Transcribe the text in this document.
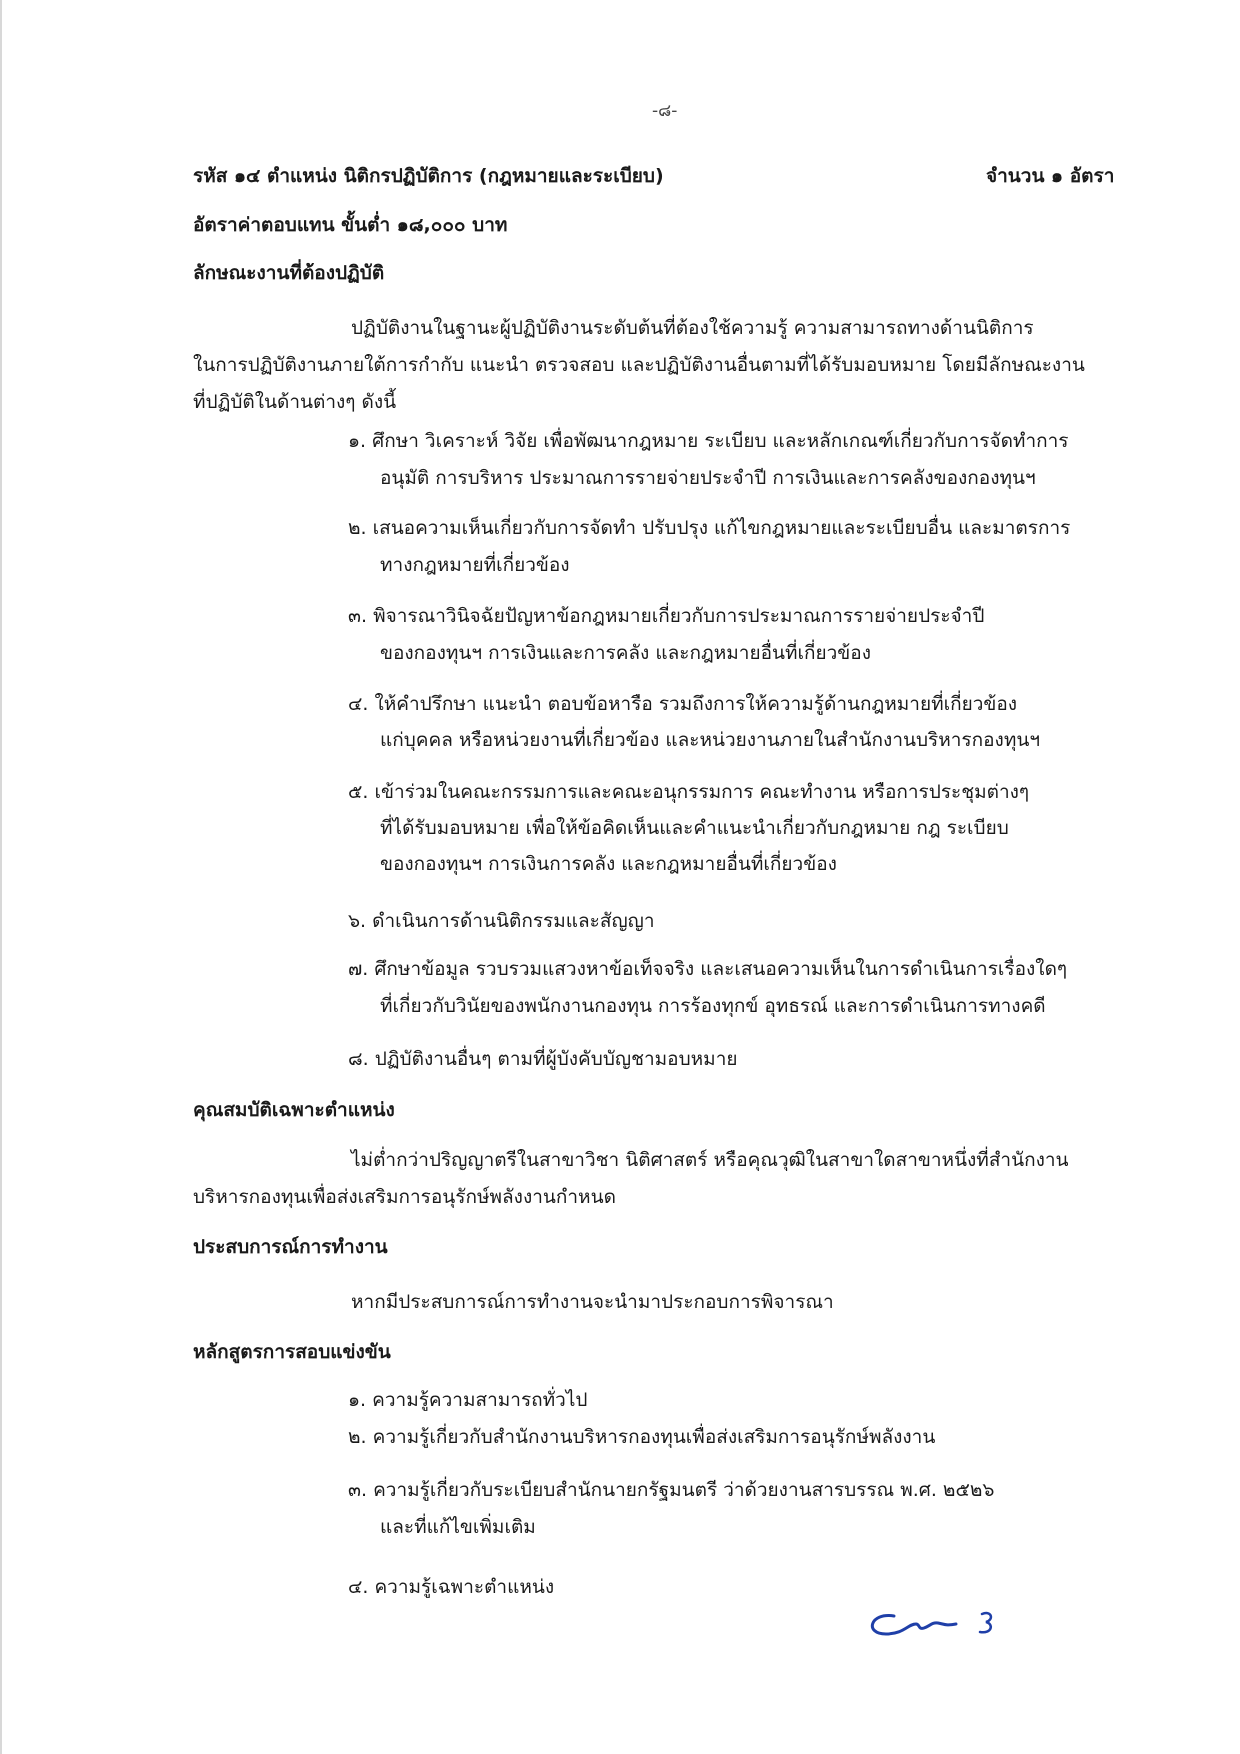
-๘-

รหัส ๑๔ ตำแหน่ง นิติกรปฏิบัติการ (กฎหมายและระเบียบ)	จำนวน ๑ อัตรา

อัตราค่าตอบแทน ขั้นต่ำ ๑๘,๐๐๐ บาท

ลักษณะงานที่ต้องปฏิบัติ

ปฏิบัติงานในฐานะผู้ปฏิบัติงานระดับต้นที่ต้องใช้ความรู้ ความสามารถทางด้านนิติการ

ในการปฏิบัติงานภายใต้การกำกับ แนะนำ ตรวจสอบ และปฏิบัติงานอื่นตามที่ได้รับมอบหมาย โดยมีลักษณะงาน

ที่ปฏิบัติในด้านต่างๆ ดังนี้

๑. ศึกษา วิเคราะห์ วิจัย เพื่อพัฒนากฎหมาย ระเบียบ และหลักเกณฑ์เกี่ยวกับการจัดทำการ

อนุมัติ การบริหาร ประมาณการรายจ่ายประจำปี การเงินและการคลังของกองทุนฯ

๒. เสนอความเห็นเกี่ยวกับการจัดทำ ปรับปรุง แก้ไขกฎหมายและระเบียบอื่น และมาตรการ

ทางกฎหมายที่เกี่ยวข้อง

๓. พิจารณาวินิจฉัยปัญหาข้อกฎหมายเกี่ยวกับการประมาณการรายจ่ายประจำปี

ของกองทุนฯ การเงินและการคลัง และกฎหมายอื่นที่เกี่ยวข้อง

๔. ให้คำปรึกษา แนะนำ ตอบข้อหารือ รวมถึงการให้ความรู้ด้านกฎหมายที่เกี่ยวข้อง

แก่บุคคล หรือหน่วยงานที่เกี่ยวข้อง และหน่วยงานภายในสำนักงานบริหารกองทุนฯ

๕. เข้าร่วมในคณะกรรมการและคณะอนุกรรมการ คณะทำงาน หรือการประชุมต่างๆ

ที่ได้รับมอบหมาย เพื่อให้ข้อคิดเห็นและคำแนะนำเกี่ยวกับกฎหมาย กฎ ระเบียบ

ของกองทุนฯ การเงินการคลัง และกฎหมายอื่นที่เกี่ยวข้อง

๖. ดำเนินการด้านนิติกรรมและสัญญา

๗. ศึกษาข้อมูล รวบรวมแสวงหาข้อเท็จจริง และเสนอความเห็นในการดำเนินการเรื่องใดๆ

ที่เกี่ยวกับวินัยของพนักงานกองทุน การร้องทุกข์ อุทธรณ์ และการดำเนินการทางคดี

๘. ปฏิบัติงานอื่นๆ ตามที่ผู้บังคับบัญชามอบหมาย

คุณสมบัติเฉพาะตำแหน่ง

ไม่ต่ำกว่าปริญญาตรีในสาขาวิชา นิติศาสตร์ หรือคุณวุฒิในสาขาใดสาขาหนึ่งที่สำนักงาน

บริหารกองทุนเพื่อส่งเสริมการอนุรักษ์พลังงานกำหนด

ประสบการณ์การทำงาน

หากมีประสบการณ์การทำงานจะนำมาประกอบการพิจารณา

หลักสูตรการสอบแข่งขัน

๑. ความรู้ความสามารถทั่วไป

๒. ความรู้เกี่ยวกับสำนักงานบริหารกองทุนเพื่อส่งเสริมการอนุรักษ์พลังงาน

๓. ความรู้เกี่ยวกับระเบียบสำนักนายกรัฐมนตรี ว่าด้วยงานสารบรรณ พ.ศ. ๒๕๒๖

และที่แก้ไขเพิ่มเติม

๔. ความรู้เฉพาะตำแหน่ง
